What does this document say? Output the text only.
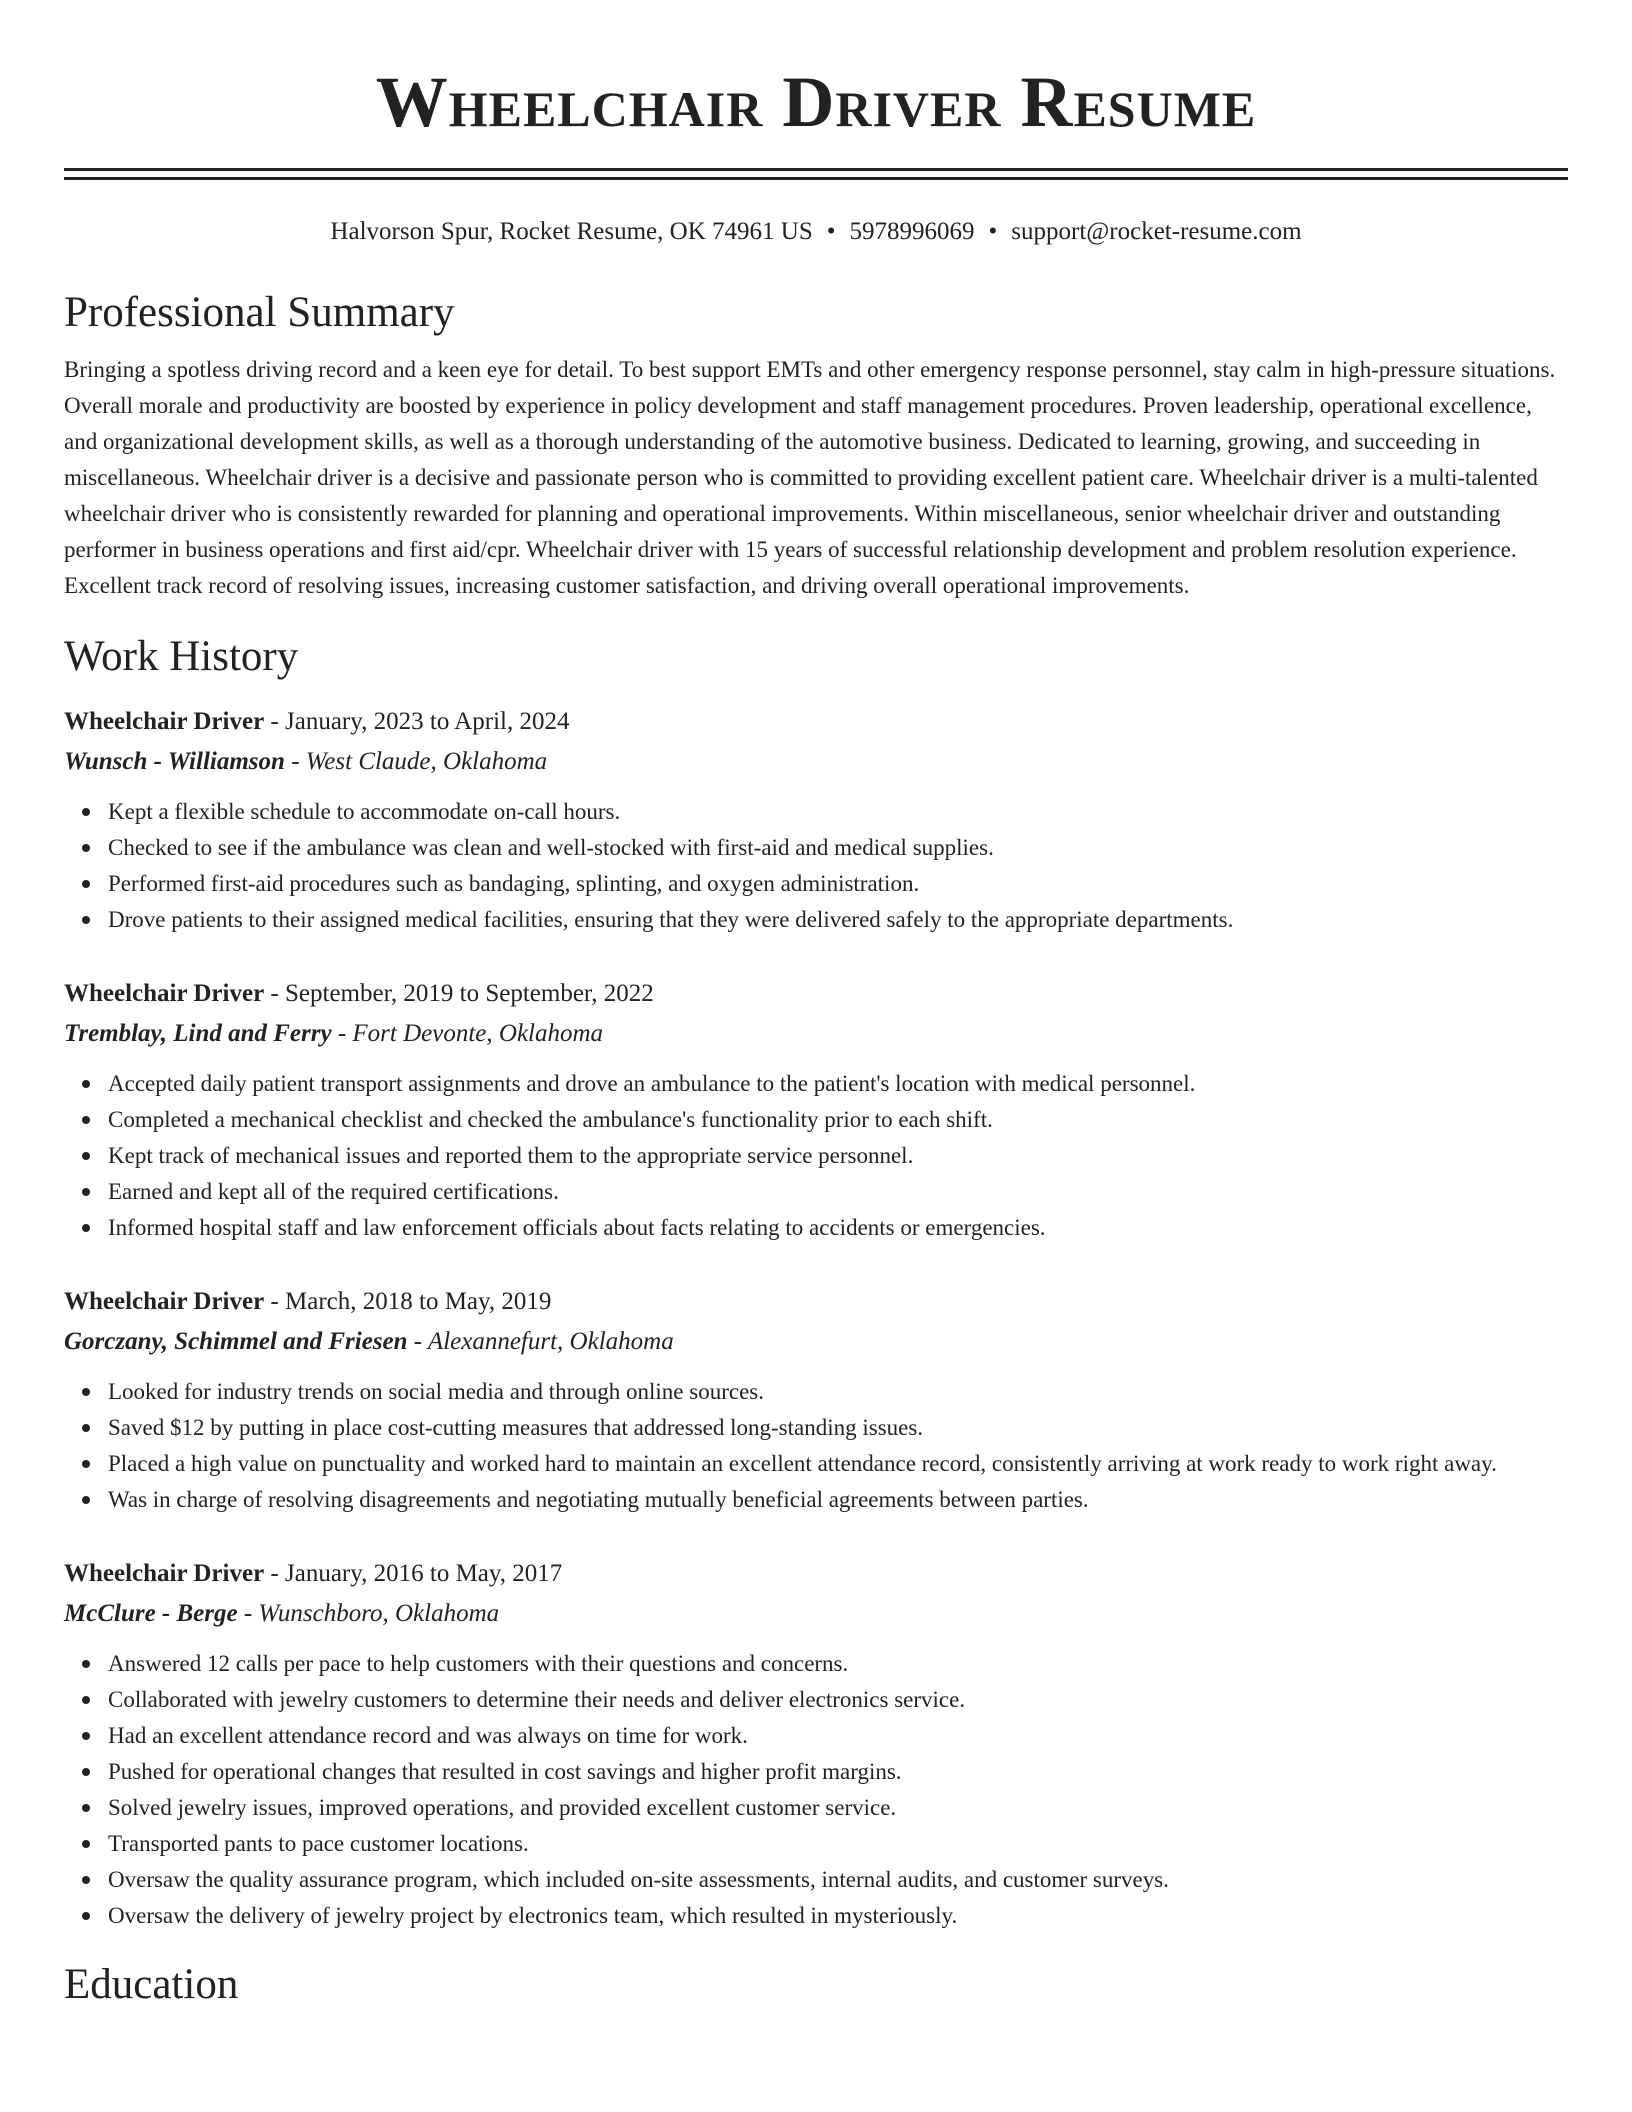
Wheelchair Driver Resume
Halvorson Spur, Rocket Resume, OK 74961 US • 5978996069 • support@rocket-resume.com
Professional Summary

Bringing a spotless driving record and a keen eye for detail. To best support EMTs and other emergency response personnel, stay calm in high-pressure situations. Overall morale and productivity are boosted by experience in policy development and staff management procedures. Proven leadership, operational excellence, and organizational development skills, as well as a thorough understanding of the automotive business. Dedicated to learning, growing, and succeeding in miscellaneous. Wheelchair driver is a decisive and passionate person who is committed to providing excellent patient care. Wheelchair driver is a multi-talented wheelchair driver who is consistently rewarded for planning and operational improvements. Within miscellaneous, senior wheelchair driver and outstanding performer in business operations and first aid/cpr. Wheelchair driver with 15 years of successful relationship development and problem resolution experience. Excellent track record of resolving issues, increasing customer satisfaction, and driving overall operational improvements.

Work History
Wheelchair Driver - January, 2023 to April, 2024
Wunsch - Williamson - West Claude, Oklahoma
Kept a flexible schedule to accommodate on-call hours.
Checked to see if the ambulance was clean and well-stocked with first-aid and medical supplies.
Performed first-aid procedures such as bandaging, splinting, and oxygen administration.
Drove patients to their assigned medical facilities, ensuring that they were delivered safely to the appropriate departments.
Wheelchair Driver - September, 2019 to September, 2022
Tremblay, Lind and Ferry - Fort Devonte, Oklahoma
Accepted daily patient transport assignments and drove an ambulance to the patient's location with medical personnel.
Completed a mechanical checklist and checked the ambulance's functionality prior to each shift.
Kept track of mechanical issues and reported them to the appropriate service personnel.
Earned and kept all of the required certifications.
Informed hospital staff and law enforcement officials about facts relating to accidents or emergencies.
Wheelchair Driver - March, 2018 to May, 2019
Gorczany, Schimmel and Friesen - Alexannefurt, Oklahoma
Looked for industry trends on social media and through online sources.
Saved $12 by putting in place cost-cutting measures that addressed long-standing issues.
Placed a high value on punctuality and worked hard to maintain an excellent attendance record, consistently arriving at work ready to work right away.
Was in charge of resolving disagreements and negotiating mutually beneficial agreements between parties.
Wheelchair Driver - January, 2016 to May, 2017
McClure - Berge - Wunschboro, Oklahoma
Answered 12 calls per pace to help customers with their questions and concerns.
Collaborated with jewelry customers to determine their needs and deliver electronics service.
Had an excellent attendance record and was always on time for work.
Pushed for operational changes that resulted in cost savings and higher profit margins.
Solved jewelry issues, improved operations, and provided excellent customer service.
Transported pants to pace customer locations.
Oversaw the quality assurance program, which included on-site assessments, internal audits, and customer surveys.
Oversaw the delivery of jewelry project by electronics team, which resulted in mysteriously.
Education
